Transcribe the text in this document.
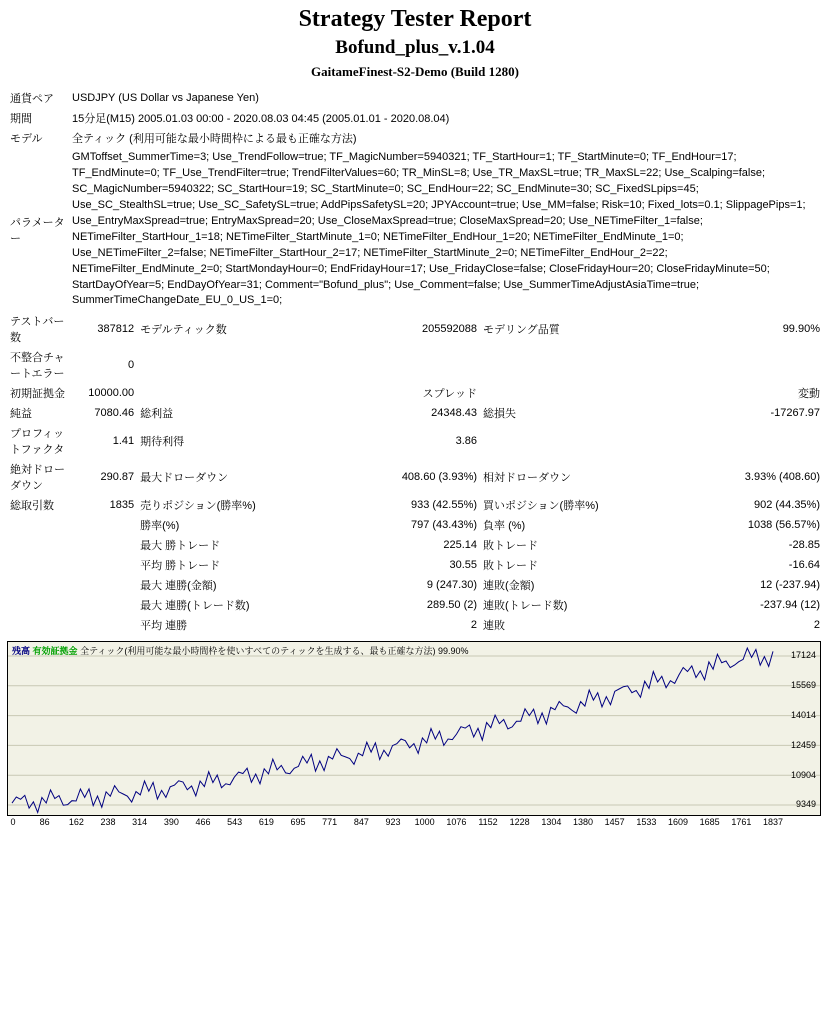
Strategy Tester Report
Bofund_plus_v.1.04
GaitameFinest-S2-Demo (Build 1280)
通貨ペア	USDJPY (US Dollar vs Japanese Yen)
期間	15分足(M15) 2005.01.03 00:00 - 2020.08.03 04:45 (2005.01.01 - 2020.08.04)
モデル	全ティック (利用可能な最小時間枠による最も正確な方法)
パラメーター	GMToffset_SummerTime=3; Use_TrendFollow=true; TF_MagicNumber=5940321; TF_StartHour=1; TF_StartMinute=0; TF_EndHour=17; TF_EndMinute=0; TF_Use_TrendFilter=true; TrendFilterValues=60; TR_MinSL=8; Use_TR_MaxSL=true; TR_MaxSL=22; Use_Scalping=false; SC_MagicNumber=5940322; SC_StartHour=19; SC_StartMinute=0; SC_EndHour=22; SC_EndMinute=30; SC_FixedSLpips=45; Use_SC_StealthSL=true; Use_SC_SafetySL=true; AddPipsSafetySL=20; JPYAccount=true; Use_MM=false; Risk=10; Fixed_lots=0.1; SlippagePips=1; Use_EntryMaxSpread=true; EntryMaxSpread=20; Use_CloseMaxSpread=true; CloseMaxSpread=20; Use_NETimeFilter_1=false; NETimeFilter_StartHour_1=18; NETimeFilter_StartMinute_1=0; NETimeFilter_EndHour_1=20; NETimeFilter_EndMinute_1=0; Use_NETimeFilter_2=false; NETimeFilter_StartHour_2=17; NETimeFilter_StartMinute_2=0; NETimeFilter_EndHour_2=22; NETimeFilter_EndMinute_2=0; StartMondayHour=0; EndFridayHour=17; Use_FridayClose=false; CloseFridayHour=20; CloseFridayMinute=50; StartDayOfYear=5; EndDayOfYear=31; Comment="Bofund_plus"; Use_Comment=false; Use_SummerTimeAdjustAsiaTime=true; SummerTimeChangeDate_EU_0_US_1=0;
テストバー数	387812	モデルティック数	205592088	モデリング品質	99.90%
不整合チャートエラー	0				
初期証拠金	10000.00		スプレッド		変動
純益	7080.46	総利益	24348.43	総損失	-17267.97
プロフィットファクタ	1.41	期待利得	3.86		
絶対ドローダウン	290.87	最大ドローダウン	408.60 (3.93%)	相対ドローダウン	3.93% (408.60)
総取引数	1835	売りポジション(勝率%)	933 (42.55%)	買いポジション(勝率%)	902 (44.35%)
		勝率(%)	797 (43.43%)	負率 (%)	1038 (56.57%)
		最大 勝トレード	225.14	敗トレード	-28.85
		平均 勝トレード	30.55	敗トレード	-16.64
		最大 連勝(金額)	9 (247.30)	連敗(金額)	12 (-237.94)
		最大 連勝(トレード数)	289.50 (2)	連敗(トレード数)	-237.94 (12)
		平均 連勝	2	連敗	2
残高 有効証拠金 全ティック(利用可能な最小時間枠を使いすべてのティックを生成する、最も正確な方法) 99.90%	17124
15569
14014
12459
10904
9349
0	86 162 238 314 390 466 543 619 695 771 847 923 1000 1076 1152 1228 1304 1380 1457 1533 1609 1685 1761 1837
